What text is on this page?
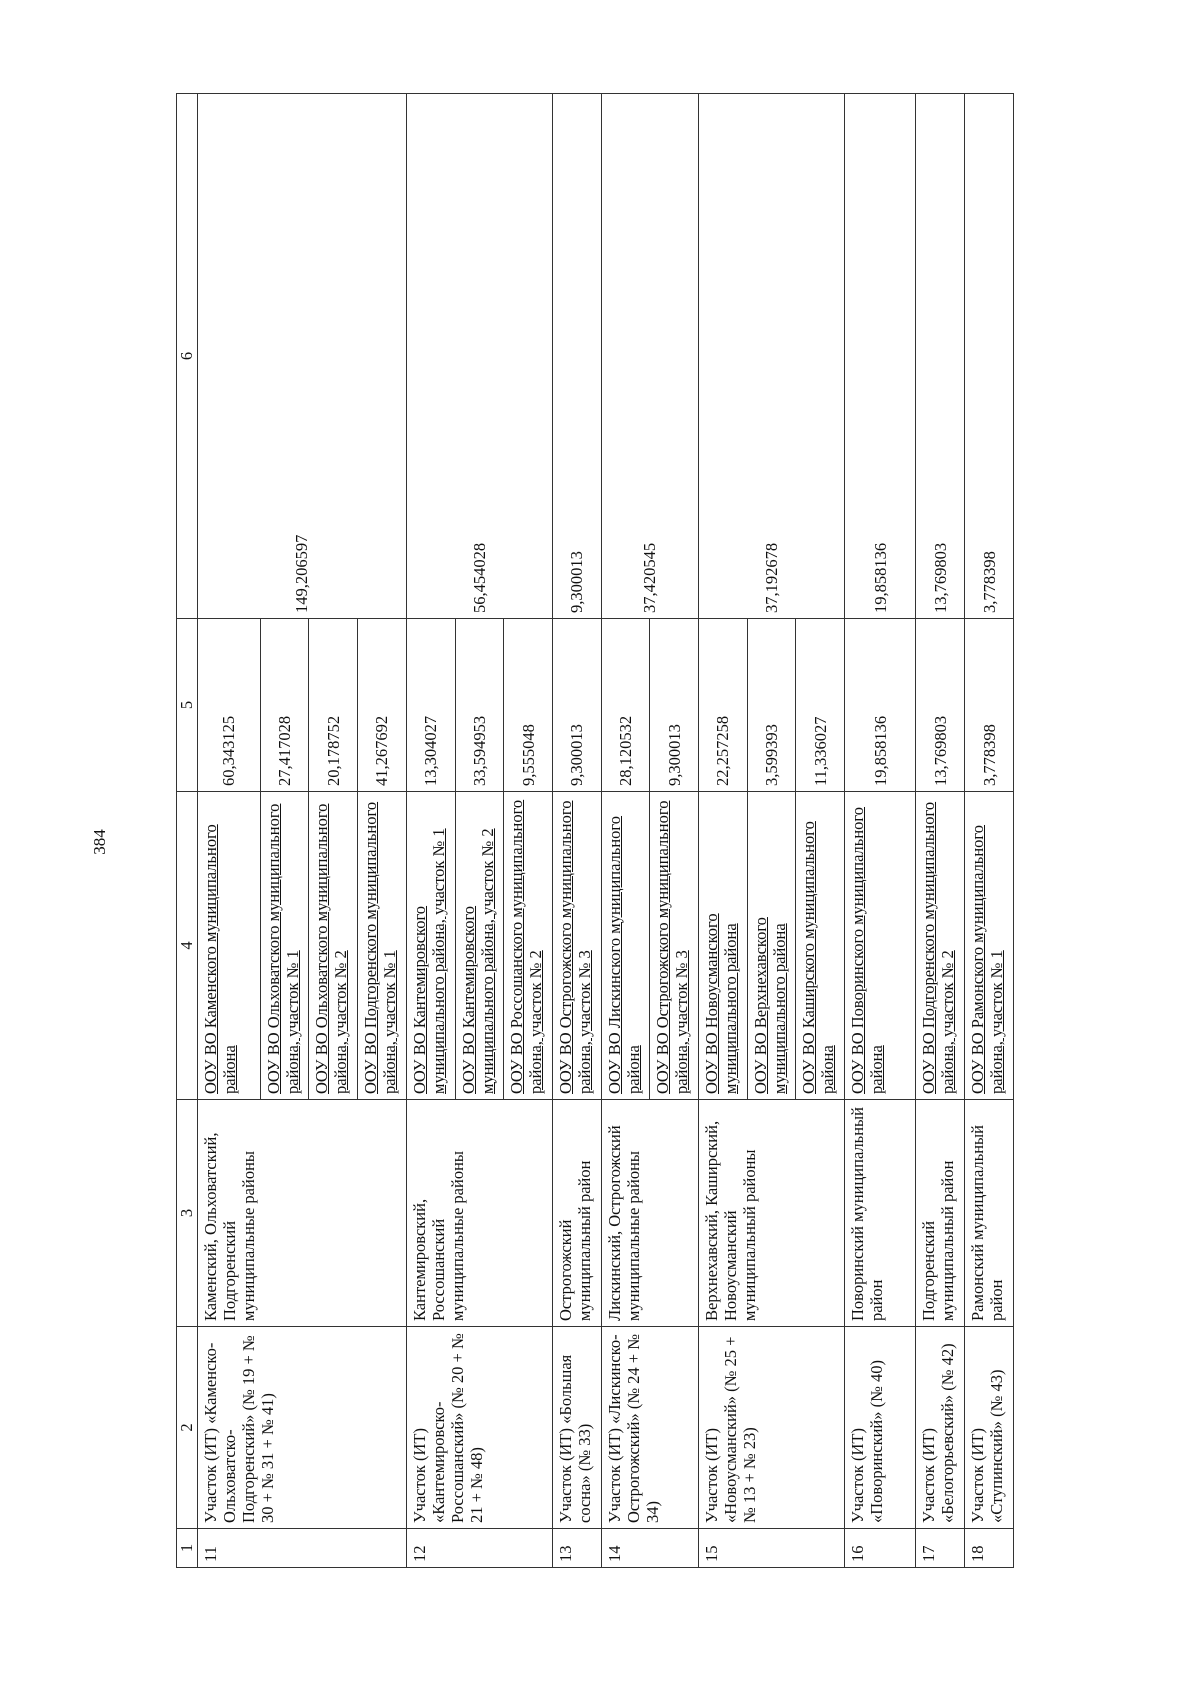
384
1	2	3	4	5	6
11	Участок (ИТ) «Каменско-Ольховатско-Подгоренский» (№ 19 + № 30 + № 31 + № 41)	Каменский, Ольховатский, Подгоренский муниципальные районы	ООУ ВО Каменского муниципального района	60,343125	149,206597
			ООУ ВО Ольховатского муниципального района, участок № 1	27,417028	
			ООУ ВО Ольховатского муниципального района, участок № 2	20,178752	
			ООУ ВО Подгоренского муниципального района, участок № 1	41,267692	
12	Участок (ИТ) «Кантемировско-Россошанский» (№ 20 + № 21 + № 48)	Кантемировский, Россошанский муниципальные районы	ООУ ВО Кантемировского муниципального района, участок № 1	13,304027	56,454028
			ООУ ВО Кантемировского муниципального района, участок № 2	33,594953	
			ООУ ВО Россошанского муниципального района, участок № 2	9,555048	
13	Участок (ИТ) «Большая сосна» (№ 33)	Острогожский муниципальный район	ООУ ВО Острогожского муниципального района, участок № 3	9,300013	9,300013
14	Участок (ИТ) «Лискинско-Острогожский» (№ 24 + № 34)	Лискинский, Острогожский муниципальные районы	ООУ ВО Лискинского муниципального района	28,120532	37,420545
			ООУ ВО Острогожского муниципального района, участок № 3	9,300013	
15	Участок (ИТ) «Новоусманский» (№ 25 + № 13 + № 23)	Верхнехавский, Каширский, Новоусманский муниципальный районы	ООУ ВО Новоусманского муниципального района	22,257258	37,192678
			ООУ ВО Верхнехавского муниципального района	3,599393	
			ООУ ВО Каширского муниципального района	11,336027	
16	Участок (ИТ) «Поворинский» (№ 40)	Поворинский муниципальный район	ООУ ВО Поворинского муниципального района	19,858136	19,858136
17	Участок (ИТ) «Белогорьевский» (№ 42)	Подгоренский муниципальный район	ООУ ВО Подгоренского муниципального района, участок № 2	13,769803	13,769803
18	Участок (ИТ) «Ступинский» (№ 43)	Рамонский муниципальный район	ООУ ВО Рамонского муниципального района, участок № 1	3,778398	3,778398
